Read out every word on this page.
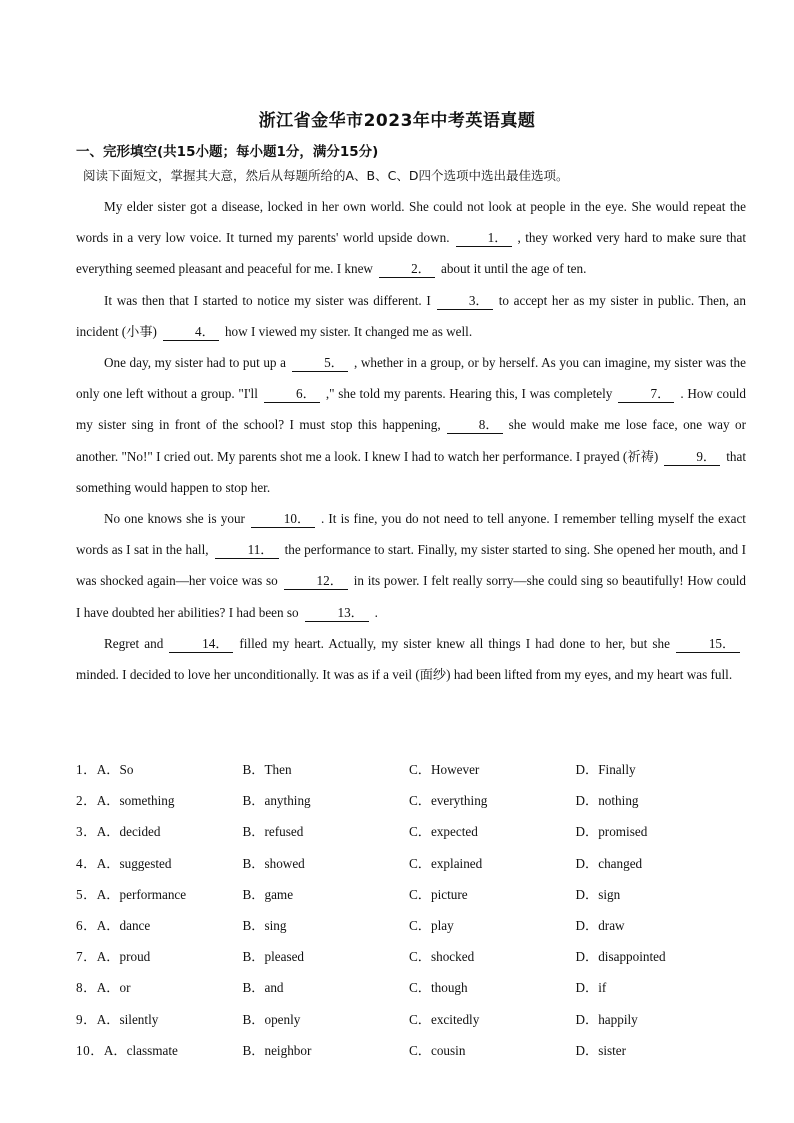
浙江省金华市2023年中考英语真题
一、完形填空(共15小题；每小题1分，满分15分)
阅读下面短文，掌握其大意，然后从每题所给的A、B、C、D四个选项中选出最佳选项。

My elder sister got a disease, locked in her own world. She could not look at people in the eye. She would repeat the words in a very low voice. It turned my parents' world upside down.	1． , they worked very hard to make sure that everything seemed pleasant and peaceful for me. I knew	2． about it until the age of ten.

It was then that I started to notice my sister was different. I	3． to accept her as my sister in public. Then, an incident (小事)	4． how I viewed my sister. It changed me as well.

One day, my sister had to put up a	5． , whether in a group, or by herself. As you can imagine, my sister was the only one left without a group. "I'll	6． ," she told my parents. Hearing this, I was completely	7． . How could my sister sing in front of the school? I must stop this happening,	8． she would make me lose face, one way or another. "No!" I cried out. My parents shot me a look. I knew I had to watch her performance. I prayed (祈祷)	9． that something would happen to stop her.

No one knows she is your	10． . It is fine, you do not need to tell anyone. I remember telling myself the exact words as I sat in the hall,	11． the performance to start. Finally, my sister started to sing. She opened her mouth, and I was shocked again—her voice was so	12． in its power. I felt really sorry—she could sing so beautifully! How could I have doubted her abilities? I had been so	13． .

Regret and	14． filled my heart. Actually, my sister knew all things I had done to her, but she	15．minded. I decided to love her unconditionally. It was as if a veil (面纱) had been lifted from my eyes, and my heart was full.

1．A．So	B．Then	C．However	D．Finally
2．A．something	B．anything	C．everything	D．nothing
3．A．decided	B．refused	C．expected	D．promised
4．A．suggested	B．showed	C．explained	D．changed
5．A．performance	B．game	C．picture	D．sign
6．A．dance	B．sing	C．play	D．draw
7．A．proud	B．pleased	C．shocked	D．disappointed
8．A．or	B．and	C．though	D．if
9．A．silently	B．openly	C．excitedly	D．happily
10．A．classmate	B．neighbor	C．cousin	D．sister
